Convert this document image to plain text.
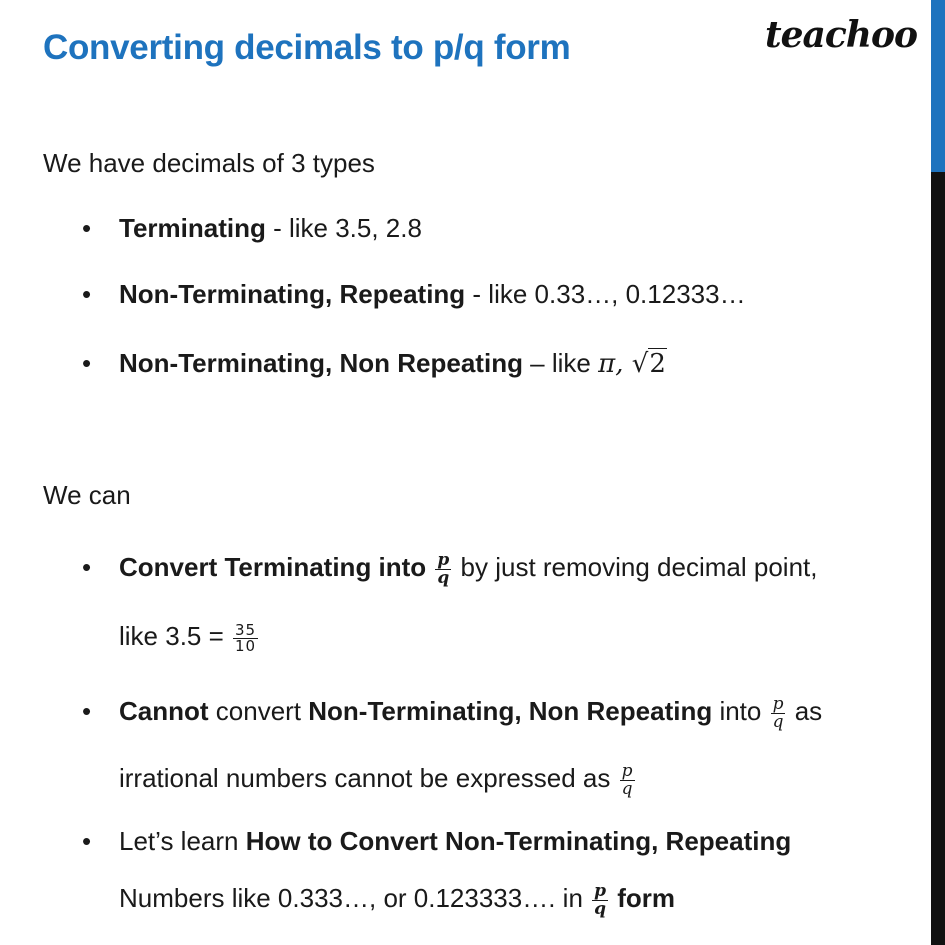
Converting decimals to p/q form	teachoo
We have decimals of 3 types
• Terminating - like 3.5, 2.8
• Non-Terminating, Repeating - like 0.33…, 0.12333…
• Non-Terminating, Non Repeating – like π, √2
We can
• Convert Terminating into $\frac{p}{q}$ by just removing decimal point,
like $3.5 = \frac{35}{10}$
• Cannot convert Non-Terminating, Non Repeating into $\frac{p}{q}$ as
irrational numbers cannot be expressed as $\frac{p}{q}$
• Let’s learn How to Convert Non-Terminating, Repeating
Numbers like 0.333…, or 0.123333…. in $\frac{p}{q}$ form
